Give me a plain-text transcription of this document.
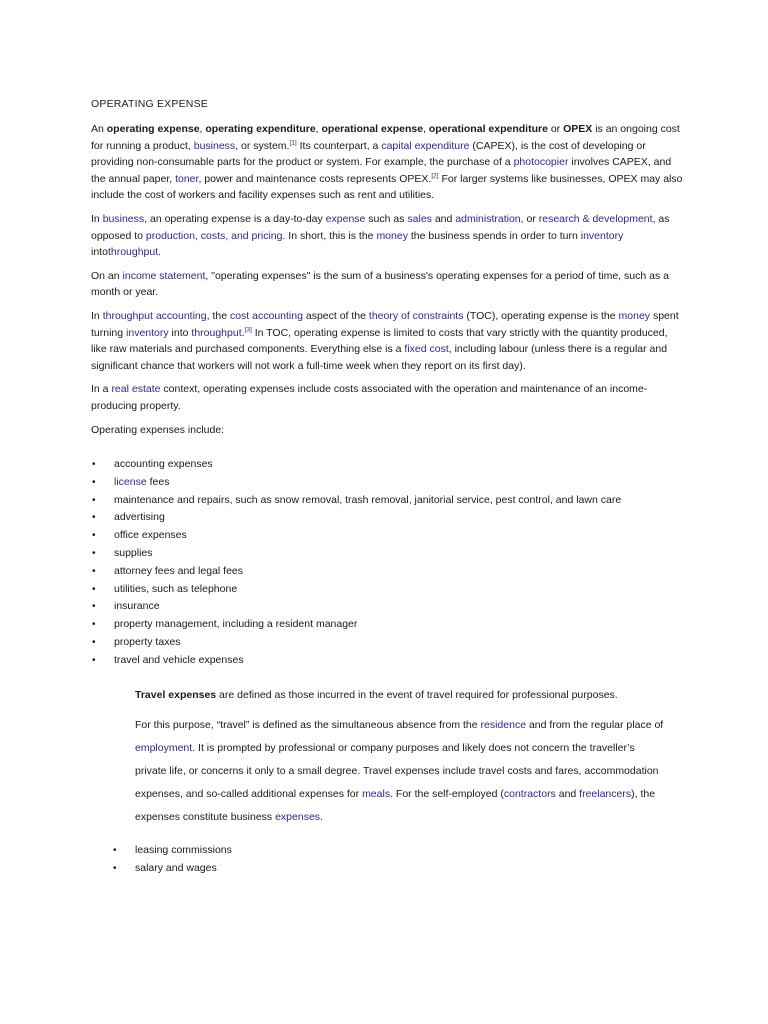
OPERATING EXPENSE

An operating expense, operating expenditure, operational expense, operational expenditure or OPEX is an ongoing cost for running a product, business, or system.[1] Its counterpart, a capital expenditure (CAPEX), is the cost of developing or providing non-consumable parts for the product or system. For example, the purchase of a photocopier involves CAPEX, and the annual paper, toner, power and maintenance costs represents OPEX.[2] For larger systems like businesses, OPEX may also include the cost of workers and facility expenses such as rent and utilities.

In business, an operating expense is a day-to-day expense such as sales and administration, or research & development, as opposed to production, costs, and pricing. In short, this is the money the business spends in order to turn inventory intothroughput.

On an income statement, "operating expenses" is the sum of a business's operating expenses for a period of time, such as a month or year.

In throughput accounting, the cost accounting aspect of the theory of constraints (TOC), operating expense is the money spent turning inventory into throughput.[3] In TOC, operating expense is limited to costs that vary strictly with the quantity produced, like raw materials and purchased components. Everything else is a fixed cost, including labour (unless there is a regular and significant chance that workers will not work a full-time week when they report on its first day).

In a real estate context, operating expenses include costs associated with the operation and maintenance of an income-producing property.

Operating expenses include:

• accounting expenses
• license fees
• maintenance and repairs, such as snow removal, trash removal, janitorial service, pest control, and lawn care
• advertising
• office expenses
• supplies
• attorney fees and legal fees
• utilities, such as telephone
• insurance
• property management, including a resident manager
• property taxes
• travel and vehicle expenses

Travel expenses are defined as those incurred in the event of travel required for professional purposes.

For this purpose, “travel” is defined as the simultaneous absence from the residence and from the regular place of employment. It is prompted by professional or company purposes and likely does not concern the traveller’s private life, or concerns it only to a small degree. Travel expenses include travel costs and fares, accommodation expenses, and so-called additional expenses for meals. For the self-employed (contractors and freelancers), the expenses constitute business expenses.

• leasing commissions
• salary and wages
